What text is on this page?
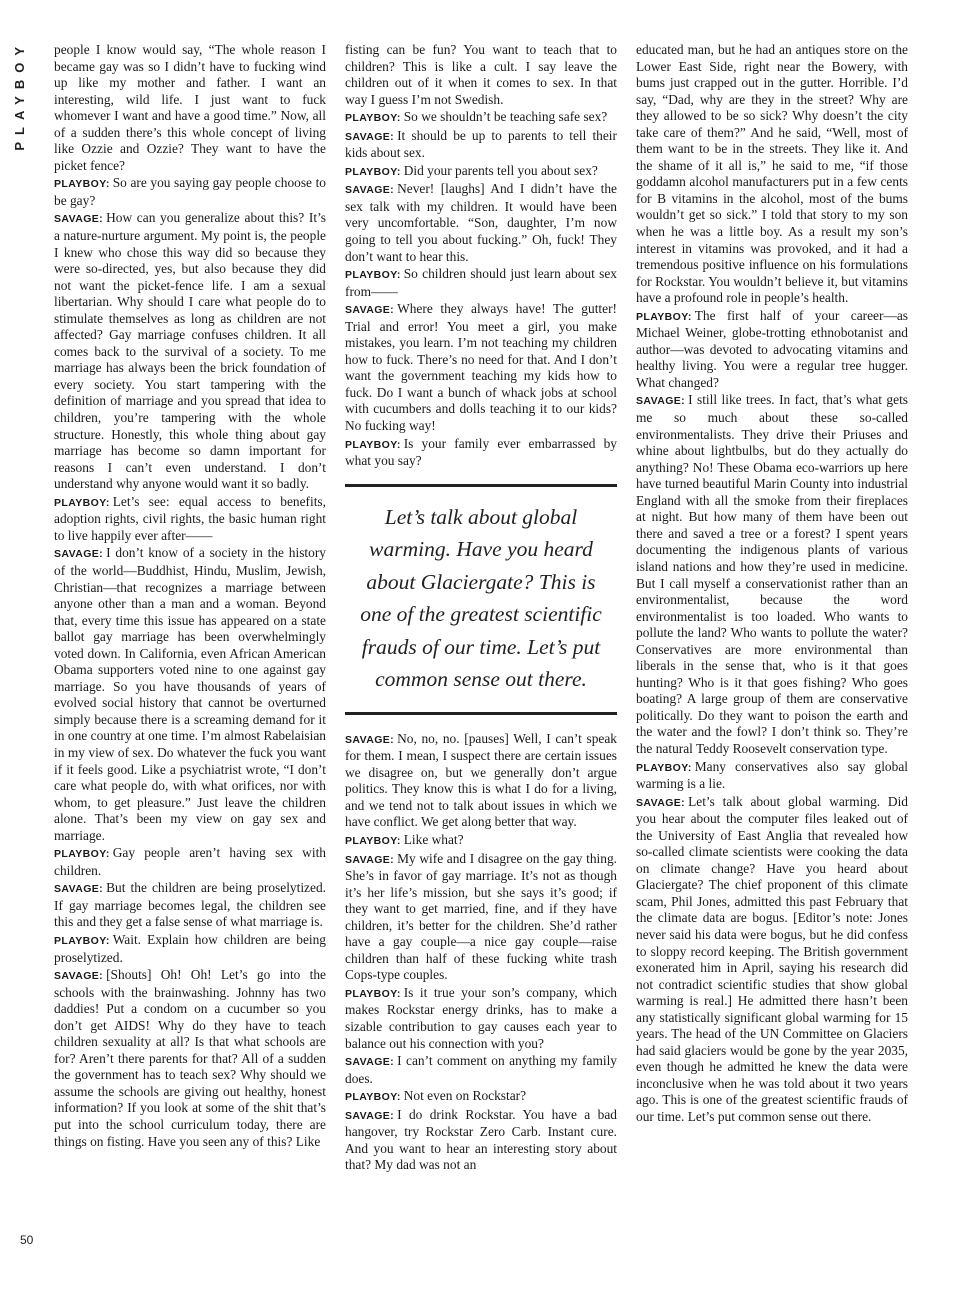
PLAYBOY
50

people I know would say, “The whole reason I became gay was so I didn’t have to fucking wind up like my mother and father. I want an interesting, wild life. I just want to fuck whomever I want and have a good time.” Now, all of a sudden there’s this whole concept of living like Ozzie and Ozzie? They want to have the picket fence?

PLAYBOY: So are you saying gay people choose to be gay?

SAVAGE: How can you generalize about this? It’s a nature-nurture argument. My point is, the people I knew who chose this way did so because they were so-directed, yes, but also because they did not want the picket-fence life. I am a sexual libertarian. Why should I care what people do to stimulate themselves as long as children are not affected? Gay marriage confuses children. It all comes back to the survival of a society. To me marriage has always been the brick foundation of every society. You start tampering with the definition of marriage and you spread that idea to children, you’re tampering with the whole structure. Honestly, this whole thing about gay marriage has become so damn important for reasons I can’t even understand. I don’t understand why anyone would want it so badly.

PLAYBOY: Let’s see: equal access to benefits, adoption rights, civil rights, the basic human right to live happily ever after——

SAVAGE: I don’t know of a society in the history of the world—Buddhist, Hindu, Muslim, Jewish, Christian—that recognizes a marriage between anyone other than a man and a woman. Beyond that, every time this issue has appeared on a state ballot gay marriage has been overwhelmingly voted down. In California, even African American Obama supporters voted nine to one against gay marriage. So you have thousands of years of evolved social history that cannot be overturned simply because there is a screaming demand for it in one country at one time. I’m almost Rabelaisian in my view of sex. Do whatever the fuck you want if it feels good. Like a psychiatrist wrote, “I don’t care what people do, with what orifices, nor with whom, to get pleasure.” Just leave the children alone. That’s been my view on gay sex and marriage.

PLAYBOY: Gay people aren’t having sex with children.

SAVAGE: But the children are being proselytized. If gay marriage becomes legal, the children see this and they get a false sense of what marriage is.

PLAYBOY: Wait. Explain how children are being proselytized.

SAVAGE: [Shouts] Oh! Oh! Let’s go into the schools with the brainwashing. Johnny has two daddies! Put a condom on a cucumber so you don’t get AIDS! Why do they have to teach children sexuality at all? Is that what schools are for? Aren’t there parents for that? All of a sudden the government has to teach sex? Why should we assume the schools are giving out healthy, honest information? If you look at some of the shit that’s put into the school curriculum today, there are things on fisting. Have you seen any of this? Like

fisting can be fun? You want to teach that to children? This is like a cult. I say leave the children out of it when it comes to sex. In that way I guess I’m not Swedish.

PLAYBOY: So we shouldn’t be teaching safe sex?

SAVAGE: It should be up to parents to tell their kids about sex.

PLAYBOY: Did your parents tell you about sex?

SAVAGE: Never! [laughs] And I didn’t have the sex talk with my children. It would have been very uncomfortable. “Son, daughter, I’m now going to tell you about fucking.” Oh, fuck! They don’t want to hear this.

PLAYBOY: So children should just learn about sex from——

SAVAGE: Where they always have! The gutter! Trial and error! You meet a girl, you make mistakes, you learn. I’m not teaching my children how to fuck. There’s no need for that. And I don’t want the government teaching my kids how to fuck. Do I want a bunch of whack jobs at school with cucumbers and dolls teaching it to our kids? No fucking way!

PLAYBOY: Is your family ever embarrassed by what you say?

Let’s talk about global warming. Have you heard about Glaciergate? This is one of the greatest scientific frauds of our time. Let’s put common sense out there.

SAVAGE: No, no, no. [pauses] Well, I can’t speak for them. I mean, I suspect there are certain issues we disagree on, but we generally don’t argue politics. They know this is what I do for a living, and we tend not to talk about issues in which we have conflict. We get along better that way.

PLAYBOY: Like what?

SAVAGE: My wife and I disagree on the gay thing. She’s in favor of gay marriage. It’s not as though it’s her life’s mission, but she says it’s good; if they want to get married, fine, and if they have children, it’s better for the children. She’d rather have a gay couple—a nice gay couple—raise children than half of these fucking white trash Cops-type couples.

PLAYBOY: Is it true your son’s company, which makes Rockstar energy drinks, has to make a sizable contribution to gay causes each year to balance out his connection with you?

SAVAGE: I can’t comment on anything my family does.

PLAYBOY: Not even on Rockstar?

SAVAGE: I do drink Rockstar. You have a bad hangover, try Rockstar Zero Carb. Instant cure. And you want to hear an interesting story about that? My dad was not an

educated man, but he had an antiques store on the Lower East Side, right near the Bowery, with bums just crapped out in the gutter. Horrible. I’d say, “Dad, why are they in the street? Why are they allowed to be so sick? Why doesn’t the city take care of them?” And he said, “Well, most of them want to be in the streets. They like it. And the shame of it all is,” he said to me, “if those goddamn alcohol manufacturers put in a few cents for B vitamins in the alcohol, most of the bums wouldn’t get so sick.” I told that story to my son when he was a little boy. As a result my son’s interest in vitamins was provoked, and it had a tremendous positive influence on his formulations for Rockstar. You wouldn’t believe it, but vitamins have a profound role in people’s health.

PLAYBOY: The first half of your career—as Michael Weiner, globe-trotting ethnobotanist and author—was devoted to advocating vitamins and healthy living. You were a regular tree hugger. What changed?

SAVAGE: I still like trees. In fact, that’s what gets me so much about these so-called environmentalists. They drive their Priuses and whine about lightbulbs, but do they actually do anything? No! These Obama eco-warriors up here have turned beautiful Marin County into industrial England with all the smoke from their fireplaces at night. But how many of them have been out there and saved a tree or a forest? I spent years documenting the indigenous plants of various island nations and how they’re used in medicine. But I call myself a conservationist rather than an environmentalist, because the word environmentalist is too loaded. Who wants to pollute the land? Who wants to pollute the water? Conservatives are more environmental than liberals in the sense that, who is it that goes hunting? Who is it that goes fishing? Who goes boating? A large group of them are conservative politically. Do they want to poison the earth and the water and the fowl? I don’t think so. They’re the natural Teddy Roosevelt conservation type.

PLAYBOY: Many conservatives also say global warming is a lie.

SAVAGE: Let’s talk about global warming. Did you hear about the computer files leaked out of the University of East Anglia that revealed how so-called climate scientists were cooking the data on climate change? Have you heard about Glaciergate? The chief proponent of this climate scam, Phil Jones, admitted this past February that the climate data are bogus. [Editor’s note: Jones never said his data were bogus, but he did confess to sloppy record keeping. The British government exonerated him in April, saying his research did not contradict scientific studies that show global warming is real.] He admitted there hasn’t been any statistically significant global warming for 15 years. The head of the UN Committee on Glaciers had said glaciers would be gone by the year 2035, even though he admitted he knew the data were inconclusive when he was told about it two years ago. This is one of the greatest scientific frauds of our time. Let’s put common sense out there.
